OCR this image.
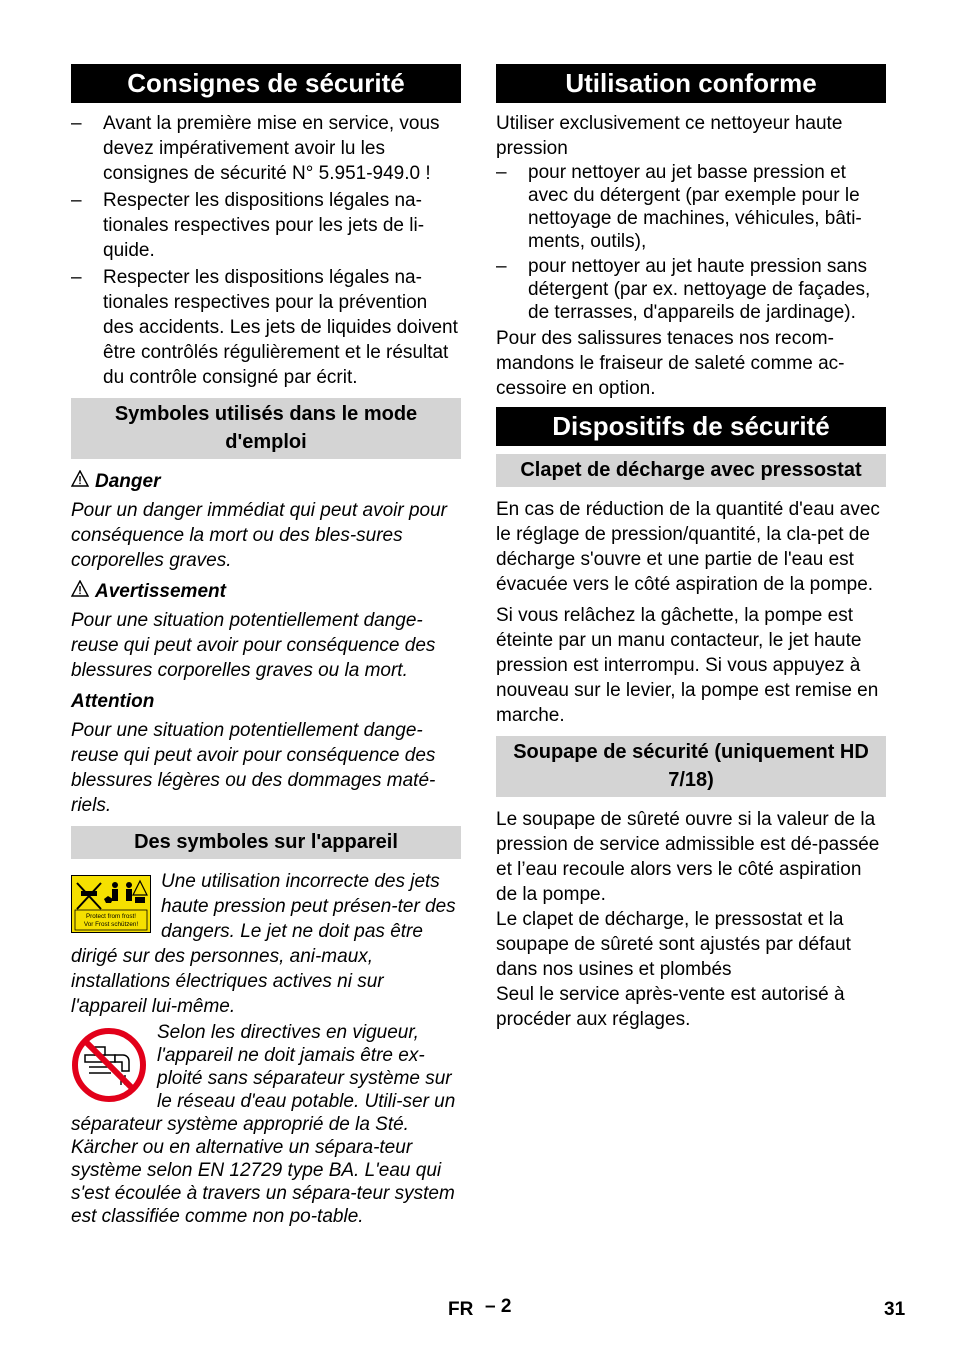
Consignes de sécurité
–	Avant la première mise en service, vous devez impérativement avoir lu les consignes de sécurité N° 5.951-949.0 !
–	Respecter les dispositions légales na-tionales respectives pour les jets de li-quide.
–	Respecter les dispositions légales na-tionales respectives pour la prévention des accidents. Les jets de liquides doivent être contrôlés régulièrement et le résultat du contrôle consigné par écrit.
Symboles utilisés dans le mode d'emploi
Danger
Pour un danger immédiat qui peut avoir pour conséquence la mort ou des bles-sures corporelles graves.
Avertissement
Pour une situation potentiellement dange-reuse qui peut avoir pour conséquence des blessures corporelles graves ou la mort.
Attention
Pour une situation potentiellement dange-reuse qui peut avoir pour conséquence des blessures légères ou des dommages maté-riels.
Des symboles sur l'appareil
Protect from frost!
Vor Frost schützen!
Une utilisation incorrecte des jets haute pression peut présen-ter des dangers. Le jet ne doit pas être dirigé sur des personnes, ani-maux, installations électriques actives ni sur l'appareil lui-même.
Selon les directives en vigueur, l'appareil ne doit jamais être ex-ploité sans séparateur système sur le réseau d'eau potable. Utili-ser un séparateur système approprié de la Sté. Kärcher ou en alternative un sépara-teur système selon EN 12729 type BA. L'eau qui s'est écoulée à travers un sépara-teur system est classifiée comme non po-table.
Utilisation conforme
Utiliser exclusivement ce nettoyeur haute pression
–	pour nettoyer au jet basse pression et avec du détergent (par exemple pour le nettoyage de machines, véhicules, bâti-ments, outils),
–	pour nettoyer au jet haute pression sans détergent (par ex. nettoyage de façades, de terrasses, d'appareils de jardinage).
Pour des salissures tenaces nos recom-mandons le fraiseur de saleté comme ac-cessoire en option.
Dispositifs de sécurité
Clapet de décharge avec pressostat
En cas de réduction de la quantité d'eau avec le réglage de pression/quantité, la cla-pet de décharge s'ouvre et une partie de l'eau est évacuée vers le côté aspiration de la pompe.
Si vous relâchez la gâchette, la pompe est éteinte par un manu contacteur, le jet haute pression est interrompu. Si vous appuyez à nouveau sur le levier, la pompe est remise en marche.
Soupape de sécurité (uniquement HD 7/18)
Le soupape de sûreté ouvre si la valeur de la pression de service admissible est dé-passée et l’eau recoule alors vers le côté aspiration de la pompe.
Le clapet de décharge, le pressostat et la soupape de sûreté sont ajustés par défaut dans nos usines et plombés
Seul le service après-vente est autorisé à procéder aux réglages.
FR – 2	31
